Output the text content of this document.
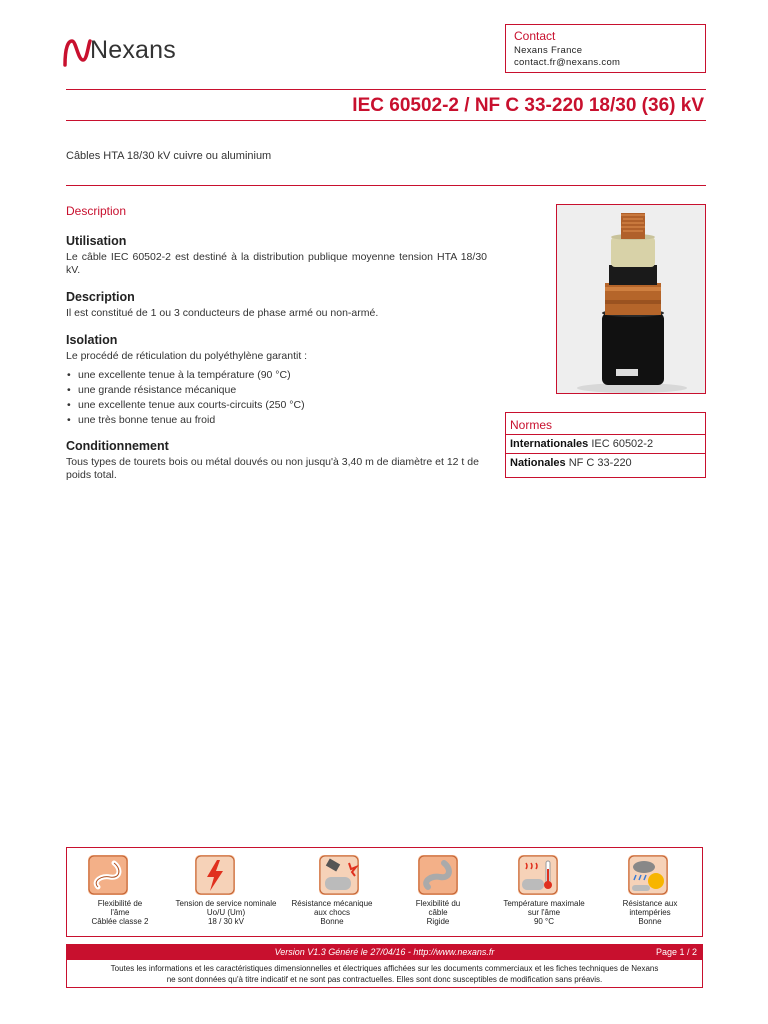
Nexans	Contact
Nexans France
contact.fr@nexans.com
IEC 60502-2 / NF C 33-220 18/30 (36) kV
Câbles HTA 18/30 kV cuivre ou aluminium
Description
Utilisation
Le câble IEC 60502-2 est destiné à la distribution publique moyenne tension HTA 18/30 kV.
Description
Il est constitué de 1 ou 3 conducteurs de phase armé ou non-armé.
Isolation
Le procédé de réticulation du polyéthylène garantit :
• une excellente tenue à la température (90 °C)
• une grande résistance mécanique
• une excellente tenue aux courts-circuits (250 °C)
• une très bonne tenue au froid
Conditionnement
Tous types de tourets bois ou métal douvés ou non jusqu'à 3,40 m de diamètre et 12 t de poids total.
Normes
Internationales IEC 60502-2
Nationales NF C 33-220
Flexibilité de
l'âme
Câblée classe 2
Tension de service nominale
Uo/U (Um)
18 / 30 kV
Résistance mécanique
aux chocs
Bonne
Flexibilité du
câble
Rigide
Température maximale
sur l'âme
90 °C
Résistance aux
intempéries
Bonne
Version V1.3 Généré le 27/04/16 - http://www.nexans.fr	Page 1 / 2
Toutes les informations et les caractéristiques dimensionnelles et électriques affichées sur les documents commerciaux et les fiches techniques de Nexans
ne sont données qu'à titre indicatif et ne sont pas contractuelles. Elles sont donc susceptibles de modification sans préavis.
